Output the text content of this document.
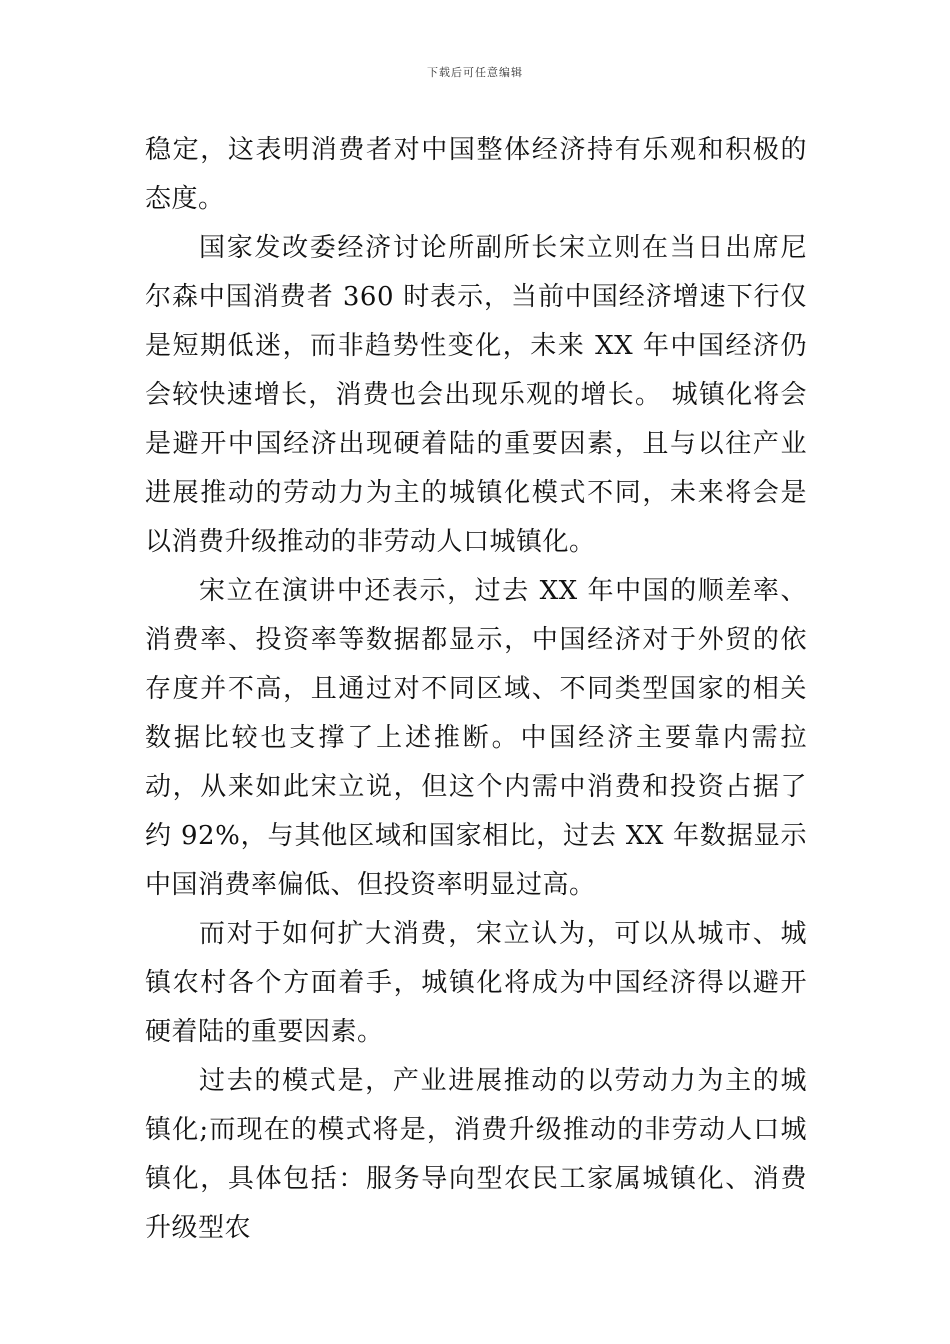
下载后可任意编辑

稳定，这表明消费者对中国整体经济持有乐观和积极的态度。

国家发改委经济讨论所副所长宋立则在当日出席尼尔森中国消费者 360 时表示，当前中国经济增速下行仅是短期低迷，而非趋势性变化，未来 XX 年中国经济仍会较快速增长，消费也会出现乐观的增长。 城镇化将会是避开中国经济出现硬着陆的重要因素，且与以往产业进展推动的劳动力为主的城镇化模式不同，未来将会是以消费升级推动的非劳动人口城镇化。

宋立在演讲中还表示，过去 XX 年中国的顺差率、消费率、投资率等数据都显示，中国经济对于外贸的依存度并不高，且通过对不同区域、不同类型国家的相关数据比较也支撑了上述推断。中国经济主要靠内需拉动，从来如此宋立说，但这个内需中消费和投资占据了约 92%，与其他区域和国家相比，过去 XX 年数据显示中国消费率偏低、但投资率明显过高。

而对于如何扩大消费，宋立认为，可以从城市、城镇农村各个方面着手，城镇化将成为中国经济得以避开硬着陆的重要因素。

过去的模式是，产业进展推动的以劳动力为主的城镇化;而现在的模式将是，消费升级推动的非劳动人口城镇化，具体包括：服务导向型农民工家属城镇化、消费升级型农
